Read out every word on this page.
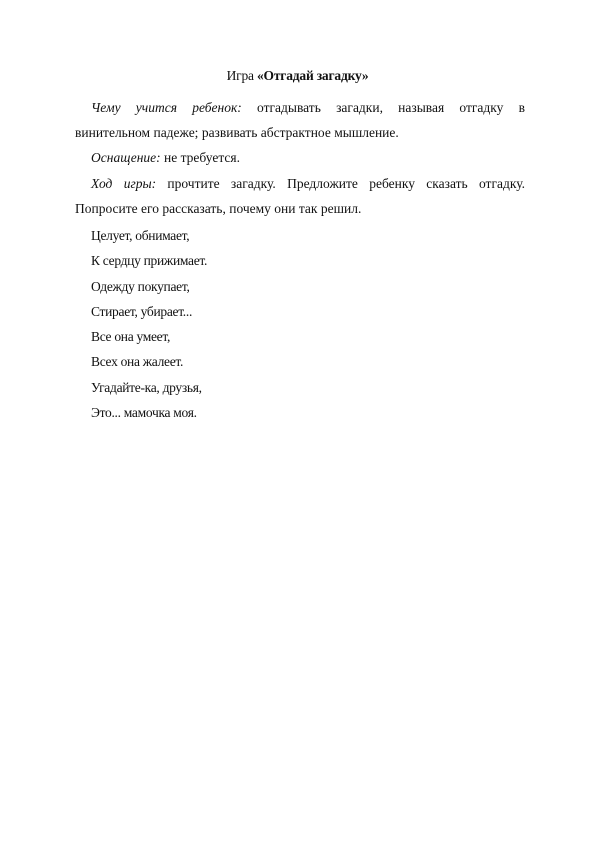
Игра «Отгадай загадку»
Чему учится ребенок: отгадывать загадки, называя отгадку в
винительном падеже; развивать абстрактное мышление.
Оснащение: не требуется.
Ход игры: прочтите загадку. Предложите ребенку сказать отгадку.
Попросите его рассказать, почему они так решил.
Целует, обнимает,
К сердцу прижимает.
Одежду покупает,
Стирает, убирает...
Все она умеет,
Всех она жалеет.
Угадайте-ка, друзья,
Это... мамочка моя.
